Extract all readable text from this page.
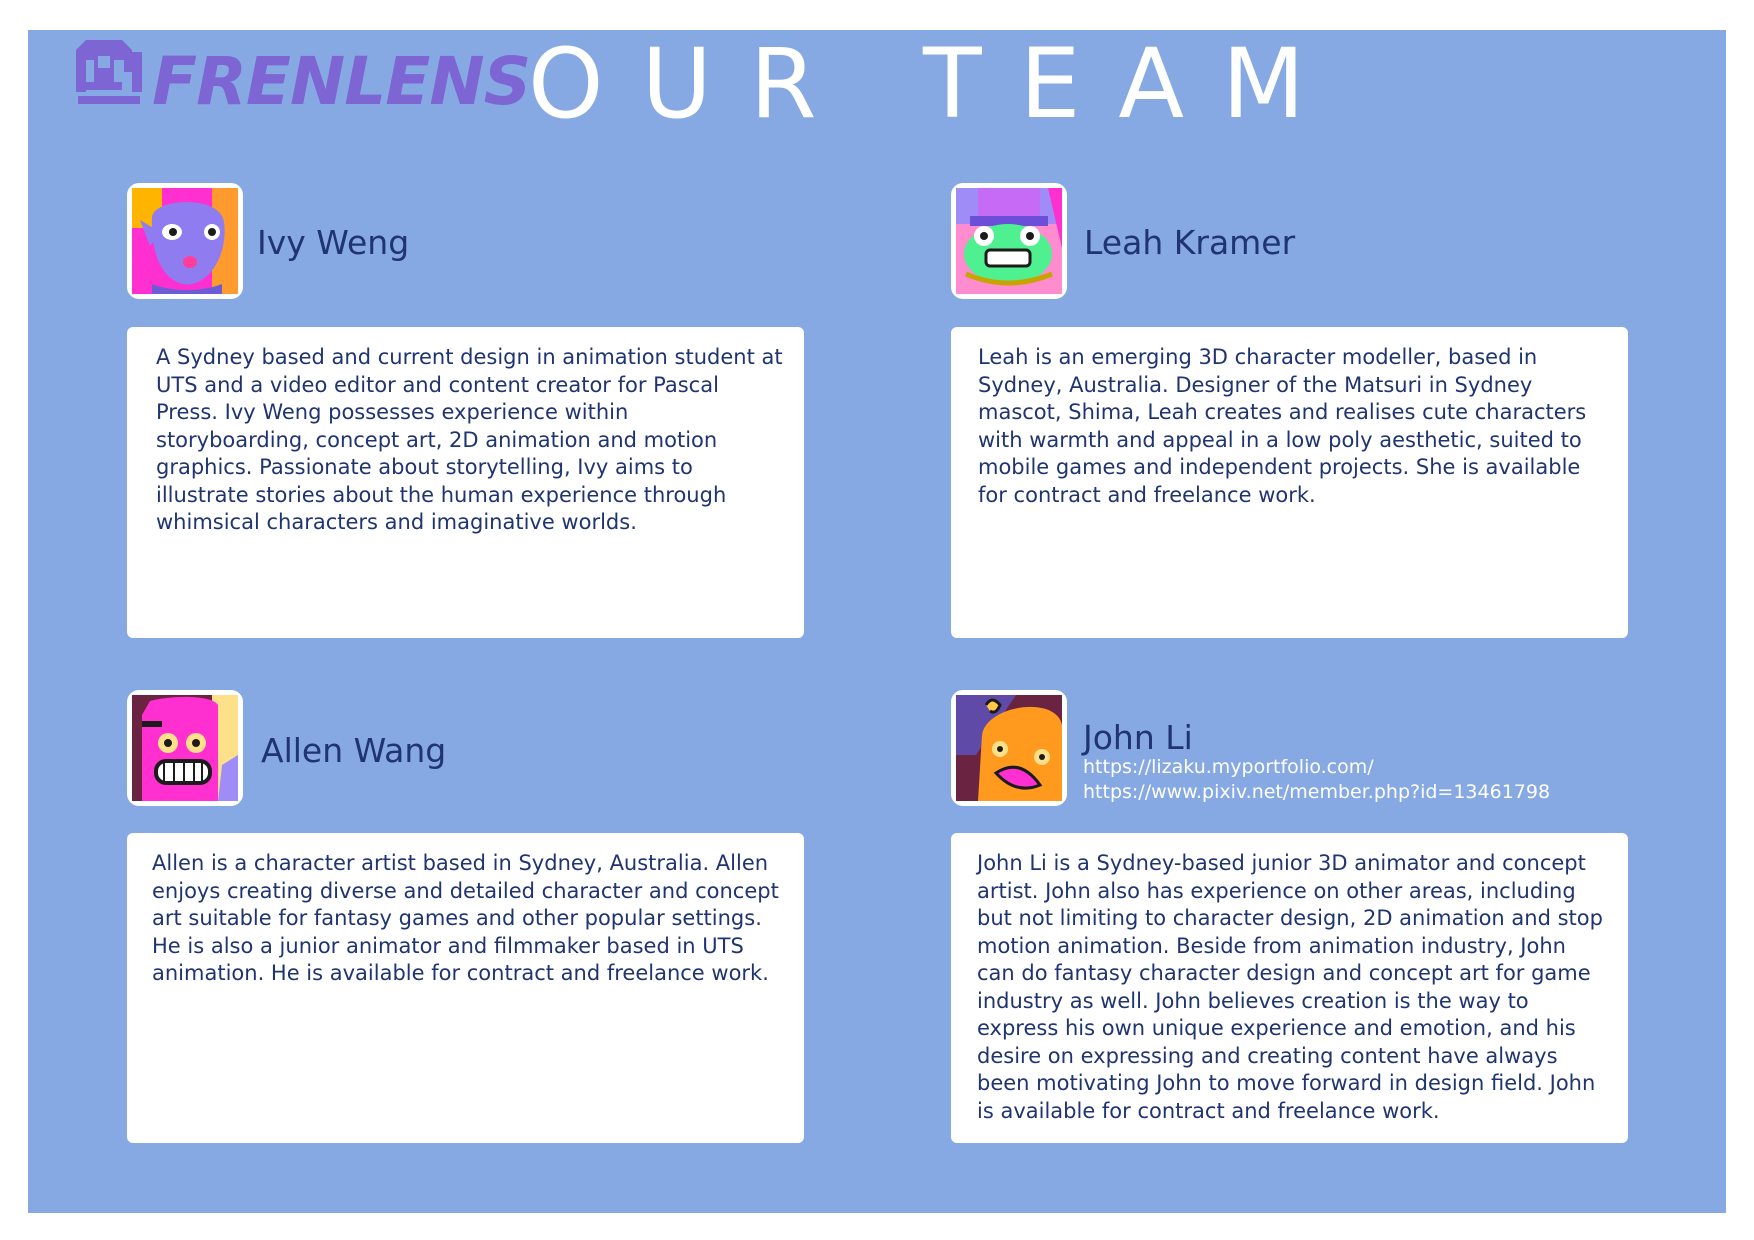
FRENLENS
OUR TEAM
Ivy Weng

A Sydney based and current design in animation student at UTS and a video editor and content creator for Pascal Press. Ivy Weng possesses experience within storyboarding, concept art, 2D animation and motion graphics. Passionate about storytelling, Ivy aims to illustrate stories about the human experience through whimsical characters and imaginative worlds.

Leah Kramer

Leah is an emerging 3D character modeller, based in Sydney, Australia. Designer of the Matsuri in Sydney mascot, Shima, Leah creates and realises cute characters with warmth and appeal in a low poly aesthetic, suited to mobile games and independent projects. She is available for contract and freelance work.

Allen Wang

Allen is a character artist based in Sydney, Australia. Allen enjoys creating diverse and detailed character and concept art suitable for fantasy games and other popular settings. He is also a junior animator and filmmaker based in UTS animation. He is available for contract and freelance work.

John Li
https://lizaku.myportfolio.com/
https://www.pixiv.net/member.php?id=13461798

John Li is a Sydney-based junior 3D animator and concept artist. John also has experience on other areas, including but not limiting to character design, 2D animation and stop motion animation. Beside from animation industry, John can do fantasy character design and concept art for game industry as well. John believes creation is the way to express his own unique experience and emotion, and his desire on expressing and creating content have always been motivating John to move forward in design field. John is available for contract and freelance work.
